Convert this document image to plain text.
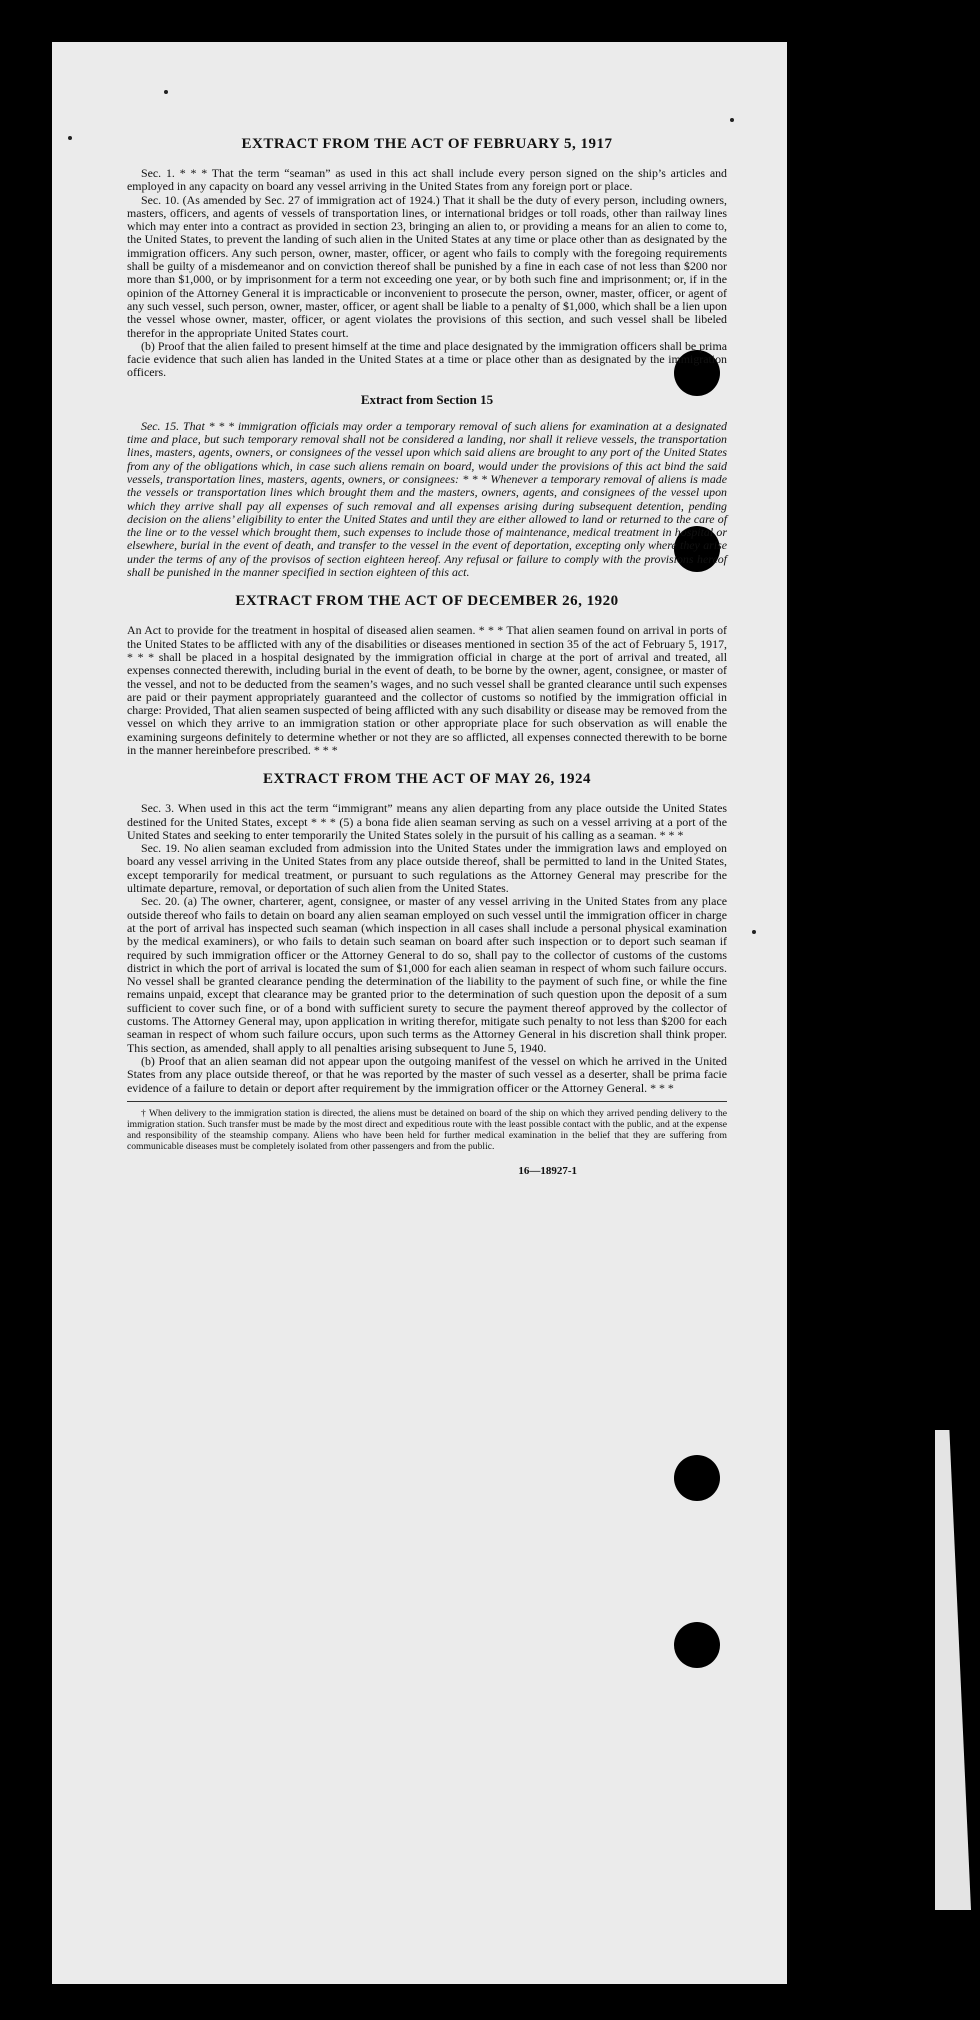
EXTRACT FROM THE ACT OF FEBRUARY 5, 1917

Sec. 1. * * * That the term “seaman” as used in this act shall include every person signed on the ship’s articles and employed in any capacity on board any vessel arriving in the United States from any foreign port or place.

Sec. 10. (As amended by Sec. 27 of immigration act of 1924.) That it shall be the duty of every person, including owners, masters, officers, and agents of vessels of transportation lines, or international bridges or toll roads, other than railway lines which may enter into a contract as provided in section 23, bringing an alien to, or providing a means for an alien to come to, the United States, to prevent the landing of such alien in the United States at any time or place other than as designated by the immigration officers. Any such person, owner, master, officer, or agent who fails to comply with the foregoing requirements shall be guilty of a misdemeanor and on conviction thereof shall be punished by a fine in each case of not less than $200 nor more than $1,000, or by imprisonment for a term not exceeding one year, or by both such fine and imprisonment; or, if in the opinion of the Attorney General it is impracticable or inconvenient to prosecute the person, owner, master, officer, or agent of any such vessel, such person, owner, master, officer, or agent shall be liable to a penalty of $1,000, which shall be a lien upon the vessel whose owner, master, officer, or agent violates the provisions of this section, and such vessel shall be libeled therefor in the appropriate United States court.

(b) Proof that the alien failed to present himself at the time and place designated by the immigration officers shall be prima facie evidence that such alien has landed in the United States at a time or place other than as designated by the immigration officers.

Extract from Section 15

Sec. 15. That * * * immigration officials may order a temporary removal of such aliens for examination at a designated time and place, but such temporary removal shall not be considered a landing, nor shall it relieve vessels, the transportation lines, masters, agents, owners, or consignees of the vessel upon which said aliens are brought to any port of the United States from any of the obligations which, in case such aliens remain on board, would under the provisions of this act bind the said vessels, transportation lines, masters, agents, owners, or consignees: * * * Whenever a temporary removal of aliens is made the vessels or transportation lines which brought them and the masters, owners, agents, and consignees of the vessel upon which they arrive shall pay all expenses of such removal and all expenses arising during subsequent detention, pending decision on the aliens’ eligibility to enter the United States and until they are either allowed to land or returned to the care of the line or to the vessel which brought them, such expenses to include those of maintenance, medical treatment in hospital or elsewhere, burial in the event of death, and transfer to the vessel in the event of deportation, excepting only where they arise under the terms of any of the provisos of section eighteen hereof. Any refusal or failure to comply with the provisions hereof shall be punished in the manner specified in section eighteen of this act.

EXTRACT FROM THE ACT OF DECEMBER 26, 1920

An Act to provide for the treatment in hospital of diseased alien seamen. * * * That alien seamen found on arrival in ports of the United States to be afflicted with any of the disabilities or diseases mentioned in section 35 of the act of February 5, 1917, * * * shall be placed in a hospital designated by the immigration official in charge at the port of arrival and treated, all expenses connected therewith, including burial in the event of death, to be borne by the owner, agent, consignee, or master of the vessel, and not to be deducted from the seamen’s wages, and no such vessel shall be granted clearance until such expenses are paid or their payment appropriately guaranteed and the collector of customs so notified by the immigration official in charge: Provided, That alien seamen suspected of being afflicted with any such disability or disease may be removed from the vessel on which they arrive to an immigration station or other appropriate place for such observation as will enable the examining surgeons definitely to determine whether or not they are so afflicted, all expenses connected therewith to be borne in the manner hereinbefore prescribed. * * *

EXTRACT FROM THE ACT OF MAY 26, 1924

Sec. 3. When used in this act the term “immigrant” means any alien departing from any place outside the United States destined for the United States, except * * * (5) a bona fide alien seaman serving as such on a vessel arriving at a port of the United States and seeking to enter temporarily the United States solely in the pursuit of his calling as a seaman. * * *

Sec. 19. No alien seaman excluded from admission into the United States under the immigration laws and employed on board any vessel arriving in the United States from any place outside thereof, shall be permitted to land in the United States, except temporarily for medical treatment, or pursuant to such regulations as the Attorney General may prescribe for the ultimate departure, removal, or deportation of such alien from the United States.

Sec. 20. (a) The owner, charterer, agent, consignee, or master of any vessel arriving in the United States from any place outside thereof who fails to detain on board any alien seaman employed on such vessel until the immigration officer in charge at the port of arrival has inspected such seaman (which inspection in all cases shall include a personal physical examination by the medical examiners), or who fails to detain such seaman on board after such inspection or to deport such seaman if required by such immigration officer or the Attorney General to do so, shall pay to the collector of customs of the customs district in which the port of arrival is located the sum of $1,000 for each alien seaman in respect of whom such failure occurs. No vessel shall be granted clearance pending the determination of the liability to the payment of such fine, or while the fine remains unpaid, except that clearance may be granted prior to the determination of such question upon the deposit of a sum sufficient to cover such fine, or of a bond with sufficient surety to secure the payment thereof approved by the collector of customs. The Attorney General may, upon application in writing therefor, mitigate such penalty to not less than $200 for each seaman in respect of whom such failure occurs, upon such terms as the Attorney General in his discretion shall think proper. This section, as amended, shall apply to all penalties arising subsequent to June 5, 1940.

(b) Proof that an alien seaman did not appear upon the outgoing manifest of the vessel on which he arrived in the United States from any place outside thereof, or that he was reported by the master of such vessel as a deserter, shall be prima facie evidence of a failure to detain or deport after requirement by the immigration officer or the Attorney General. * * *

† When delivery to the immigration station is directed, the aliens must be detained on board of the ship on which they arrived pending delivery to the immigration station. Such transfer must be made by the most direct and expeditious route with the least possible contact with the public, and at the expense and responsibility of the steamship company. Aliens who have been held for further medical examination in the belief that they are suffering from communicable diseases must be completely isolated from other passengers and from the public.

16—18927-1
